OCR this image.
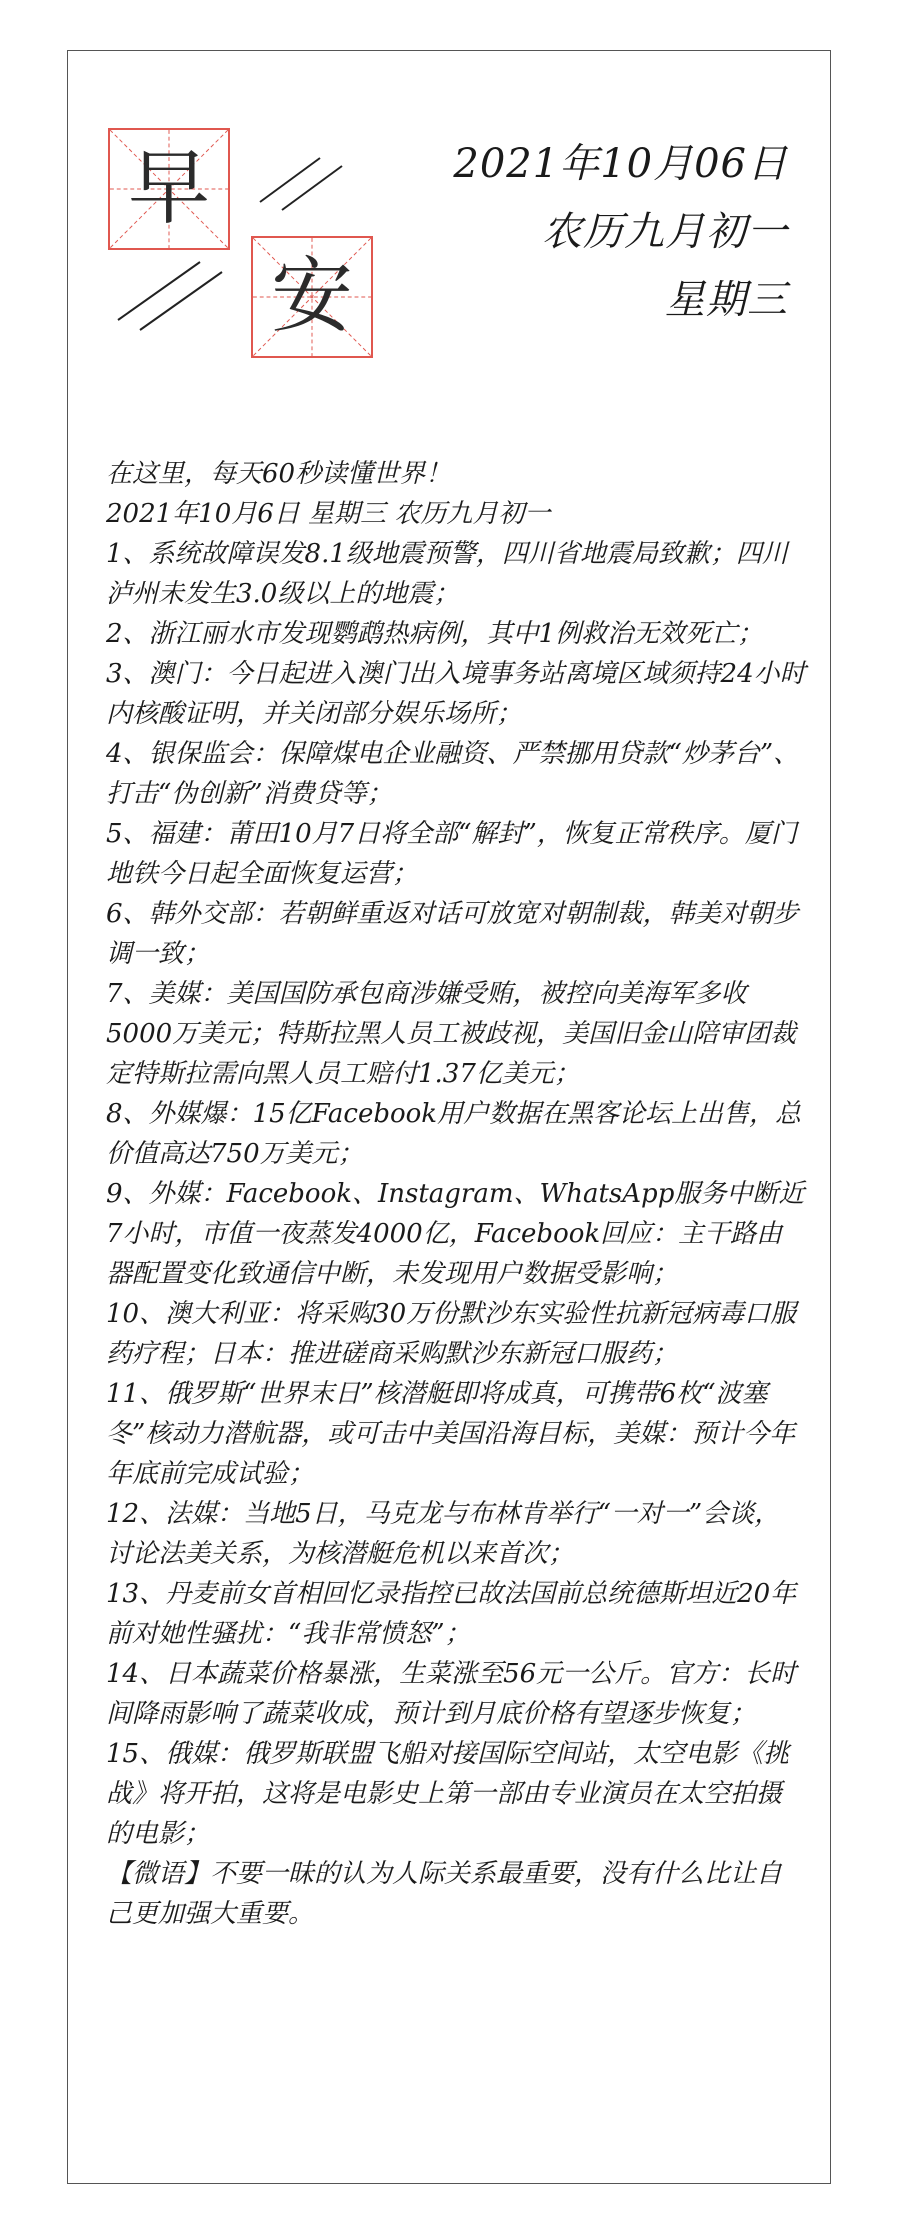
早
安
2021年10月06日
农历九月初一
星期三

在这里，每天60秒读懂世界！

2021年10月6日 星期三 农历九月初一

1、系统故障误发8.1级地震预警，四川省地震局致歉；四川泸州未发生3.0级以上的地震；

2、浙江丽水市发现鹦鹉热病例，其中1例救治无效死亡；

3、澳门：今日起进入澳门出入境事务站离境区域须持24小时内核酸证明，并关闭部分娱乐场所；

4、银保监会：保障煤电企业融资、严禁挪用贷款“炒茅台”、打击“伪创新”消费贷等；

5、福建：莆田10月7日将全部“解封”，恢复正常秩序。厦门地铁今日起全面恢复运营；

6、韩外交部：若朝鲜重返对话可放宽对朝制裁，韩美对朝步调一致；

7、美媒：美国国防承包商涉嫌受贿，被控向美海军多收5000万美元；特斯拉黑人员工被歧视，美国旧金山陪审团裁定特斯拉需向黑人员工赔付1.37亿美元；

8、外媒爆：15亿Facebook用户数据在黑客论坛上出售，总价值高达750万美元；

9、外媒：Facebook、Instagram、WhatsApp服务中断近7小时，市值一夜蒸发4000亿，Facebook回应：主干路由器配置变化致通信中断，未发现用户数据受影响；

10、澳大利亚：将采购30万份默沙东实验性抗新冠病毒口服药疗程；日本：推进磋商采购默沙东新冠口服药；

11、俄罗斯“世界末日”核潜艇即将成真，可携带6枚“波塞冬”核动力潜航器，或可击中美国沿海目标，美媒：预计今年年底前完成试验；

12、法媒：当地5日，马克龙与布林肯举行“一对一”会谈，讨论法美关系，为核潜艇危机以来首次；

13、丹麦前女首相回忆录指控已故法国前总统德斯坦近20年前对她性骚扰：“我非常愤怒”；

14、日本蔬菜价格暴涨，生菜涨至56元一公斤。官方：长时间降雨影响了蔬菜收成，预计到月底价格有望逐步恢复；

15、俄媒：俄罗斯联盟飞船对接国际空间站，太空电影《挑战》将开拍，这将是电影史上第一部由专业演员在太空拍摄的电影；

【微语】不要一昧的认为人际关系最重要，没有什么比让自己更加强大重要。
